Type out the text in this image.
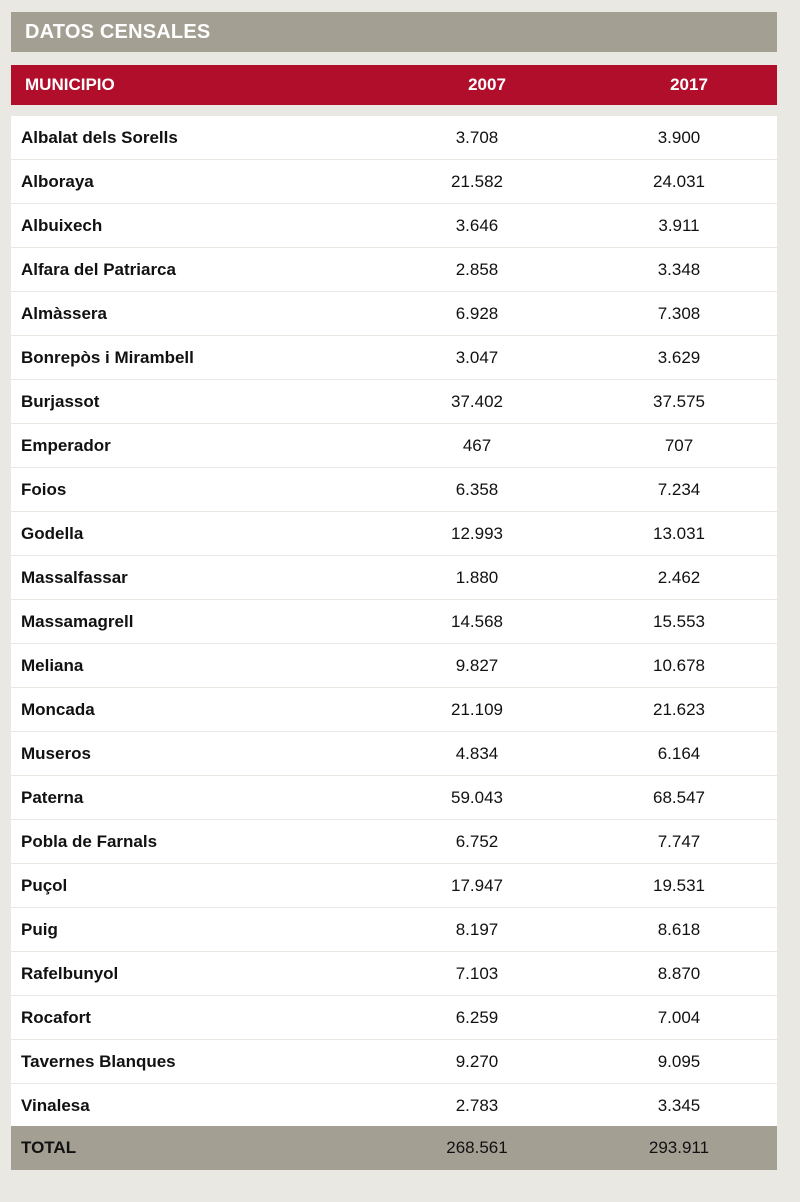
DATOS CENSALES
MUNICIPIO	2007	2017
Albalat dels Sorells	3.708	3.900
Alboraya	21.582	24.031
Albuixech	3.646	3.911
Alfara del Patriarca	2.858	3.348
Almàssera	6.928	7.308
Bonrepòs i Mirambell	3.047	3.629
Burjassot	37.402	37.575
Emperador	467	707
Foios	6.358	7.234
Godella	12.993	13.031
Massalfassar	1.880	2.462
Massamagrell	14.568	15.553
Meliana	9.827	10.678
Moncada	21.109	21.623
Museros	4.834	6.164
Paterna	59.043	68.547
Pobla de Farnals	6.752	7.747
Puçol	17.947	19.531
Puig	8.197	8.618
Rafelbunyol	7.103	8.870
Rocafort	6.259	7.004
Tavernes Blanques	9.270	9.095
Vinalesa	2.783	3.345
TOTAL	268.561	293.911
